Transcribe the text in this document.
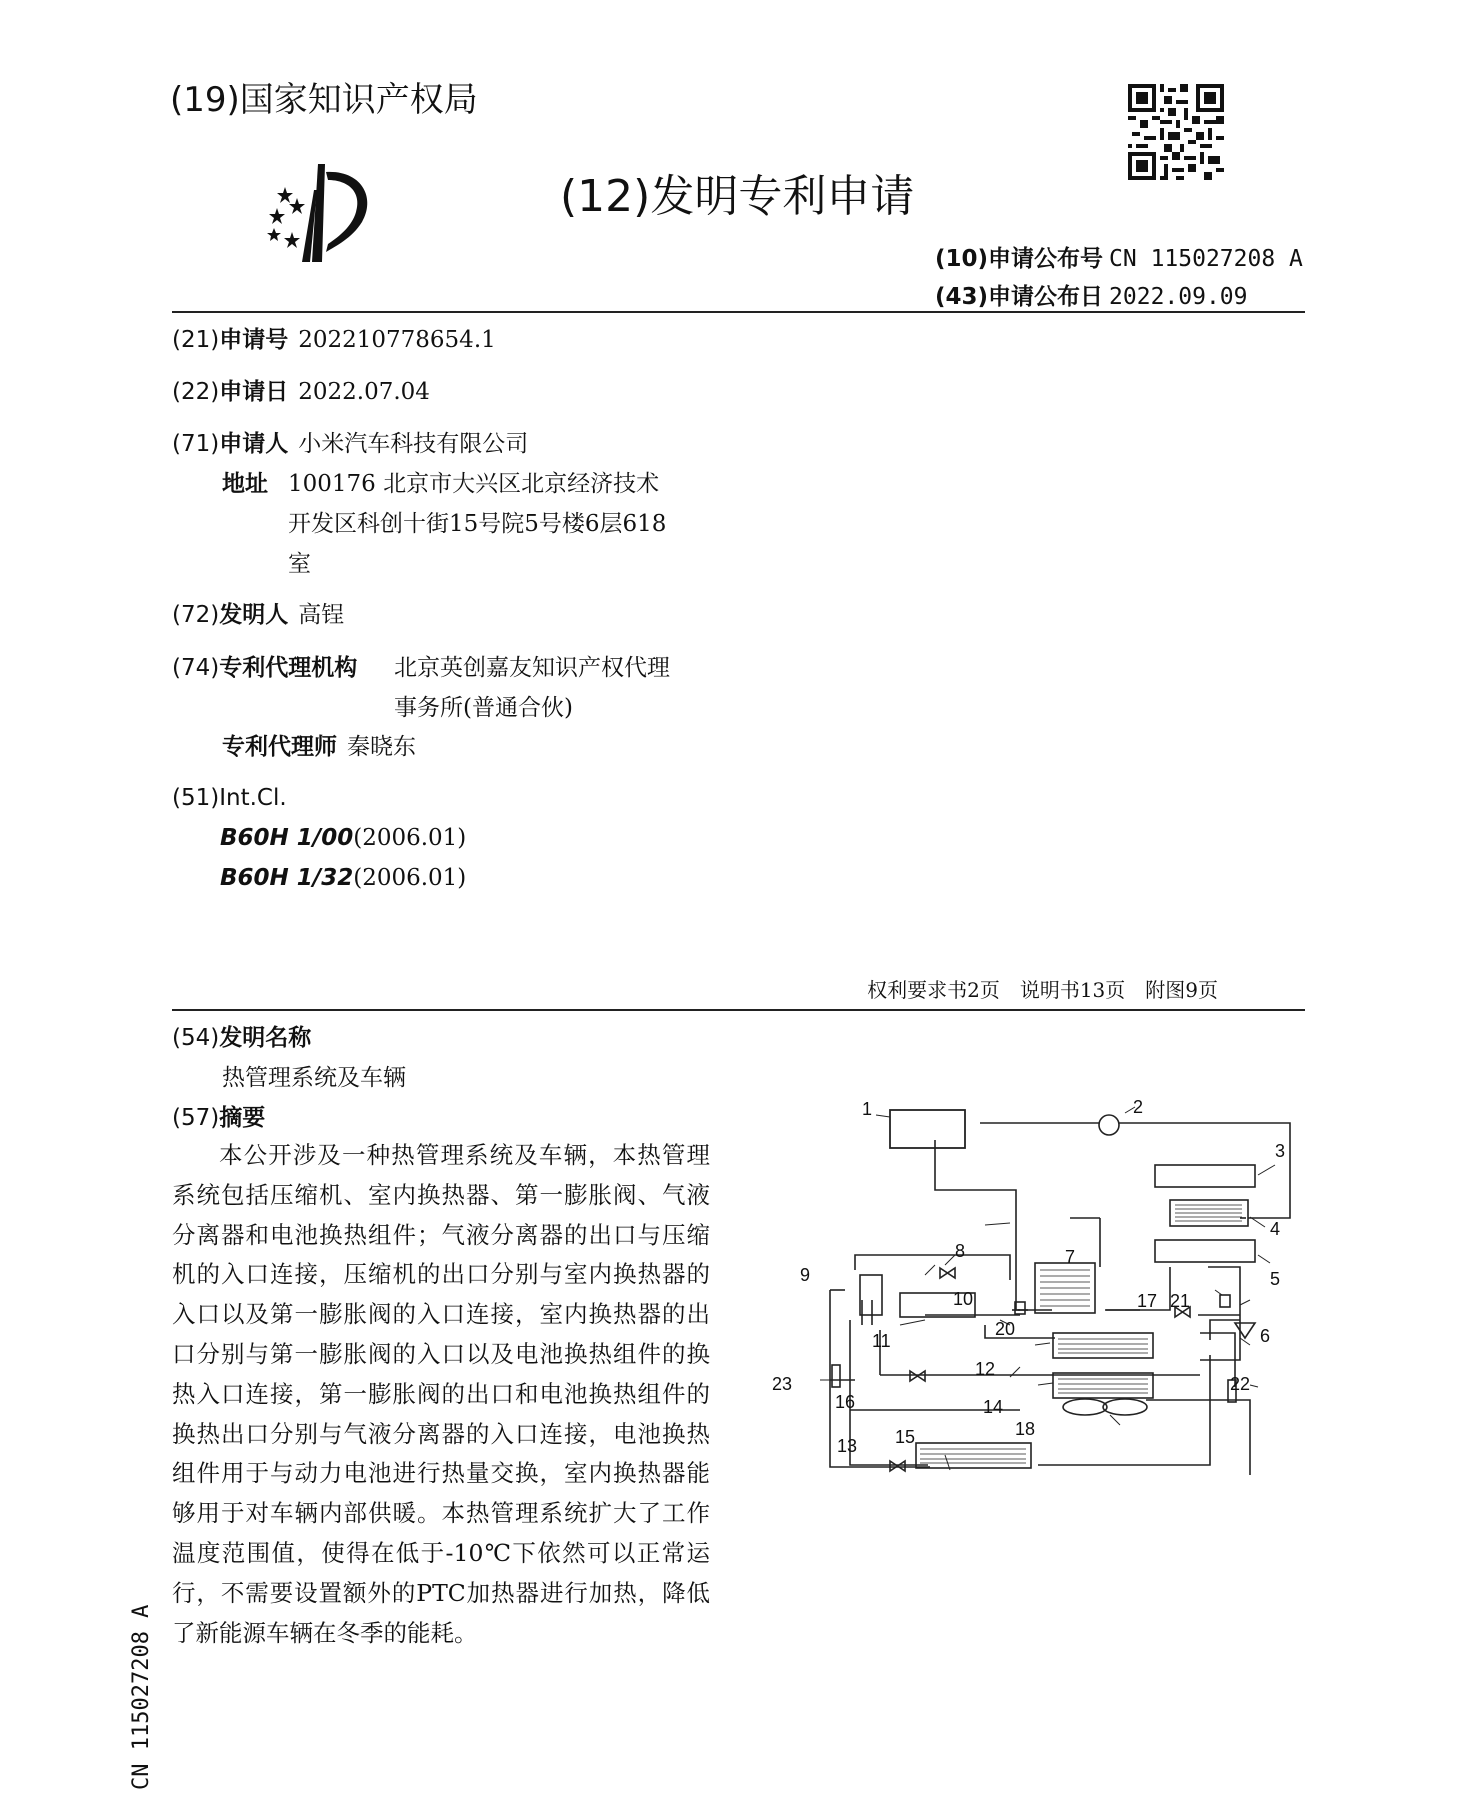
(19)国家知识产权局
(12)发明专利申请
(10)申请公布号 CN 115027208 A
(43)申请公布日 2022.09.09
(21)申请号 202210778654.1
(22)申请日 2022.07.04
(71)申请人 小米汽车科技有限公司
地址 100176 北京市大兴区北京经济技术
开发区科创十街15号院5号楼6层618
室
(72)发明人 高锃
(74)专利代理机构 北京英创嘉友知识产权代理
事务所(普通合伙)
专利代理师 秦晓东
(51)Int.Cl.
B60H 1/00(2006.01)
B60H 1/32(2006.01)
权利要求书2页　说明书13页　附图9页
(54)发明名称
热管理系统及车辆
(57)摘要

本公开涉及一种热管理系统及车辆，本热管理系统包括压缩机、室内换热器、第一膨胀阀、气液分离器和电池换热组件；气液分离器的出口与压缩机的入口连接，压缩机的出口分别与室内换热器的入口以及第一膨胀阀的入口连接，室内换热器的出口分别与第一膨胀阀的入口以及电池换热组件的换热入口连接，第一膨胀阀的出口和电池换热组件的换热出口分别与气液分离器的入口连接，电池换热组件用于与动力电池进行热量交换，室内换热器能够用于对车辆内部供暖。本热管理系统扩大了工作温度范围值，使得在低于-10℃下依然可以正常运行，不需要设置额外的PTC加热器进行加热，降低了新能源车辆在冬季的能耗。

1	2
3
4
5
6
7
8
9
10
11
12
13
14
15
16
17
18
20
21
22
23
CN 115027208 A
